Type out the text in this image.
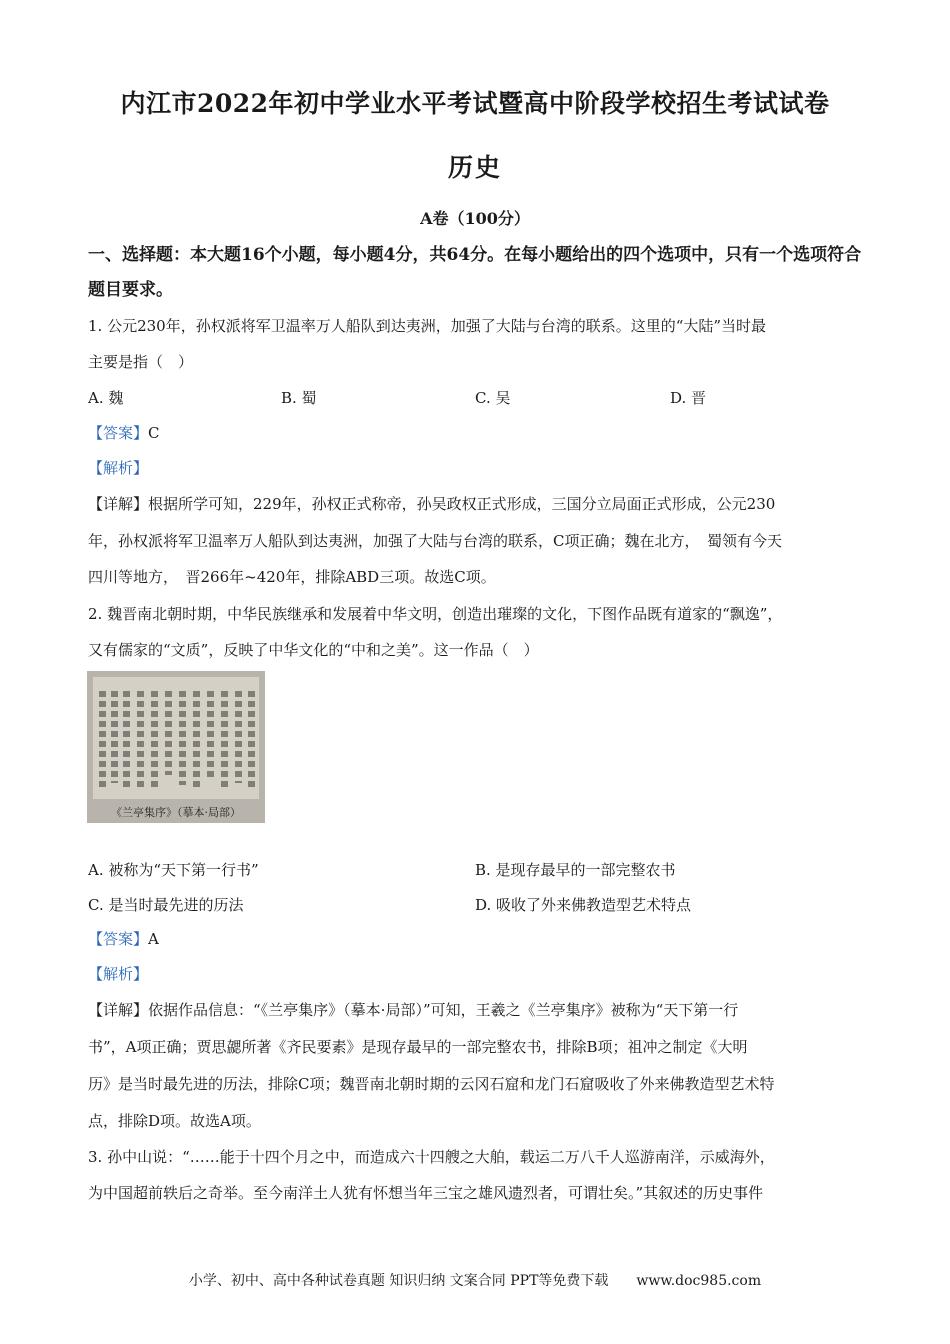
内江市2022年初中学业水平考试暨高中阶段学校招生考试试卷
历史
A卷（100分）
一、选择题：本大题16个小题，每小题4分，共64分。在每小题给出的四个选项中，只有一个选项符合题目要求。
1. 公元230年，孙权派将军卫温率万人船队到达夷洲，加强了大陆与台湾的联系。这里的“大陆”当时最
主要是指（　）
A. 魏	B. 蜀	C. 吴	D. 晋
【答案】C
【解析】
【详解】根据所学可知，229年，孙权正式称帝，孙吴政权正式形成，三国分立局面正式形成，公元230
年，孙权派将军卫温率万人船队到达夷洲，加强了大陆与台湾的联系，C项正确；魏在北方，　蜀领有今天
四川等地方，　晋266年~420年，排除ABD三项。故选C项。
2. 魏晋南北朝时期，中华民族继承和发展着中华文明，创造出璀璨的文化，下图作品既有道家的“飘逸”，
又有儒家的“文质”，反映了中华文化的“中和之美”。这一作品（　）
《兰亭集序》（摹本·局部）
A. 被称为“天下第一行书”	B. 是现存最早的一部完整农书
C. 是当时最先进的历法	D. 吸收了外来佛教造型艺术特点
【答案】A
【解析】
【详解】依据作品信息：“《兰亭集序》（摹本·局部）”可知，王羲之《兰亭集序》被称为“天下第一行
书”，A项正确；贾思勰所著《齐民要素》是现存最早的一部完整农书，排除B项；祖冲之制定《大明
历》是当时最先进的历法，排除C项；魏晋南北朝时期的云冈石窟和龙门石窟吸收了外来佛教造型艺术特
点，排除D项。故选A项。
3. 孙中山说：“……能于十四个月之中，而造成六十四艘之大舶，载运二万八千人巡游南洋，示威海外，
为中国超前轶后之奇举。至今南洋土人犹有怀想当年三宝之雄风遗烈者，可谓壮矣。”其叙述的历史事件
小学、初中、高中各种试卷真题 知识归纳 文案合同 PPT等免费下载　　www.doc985.com
